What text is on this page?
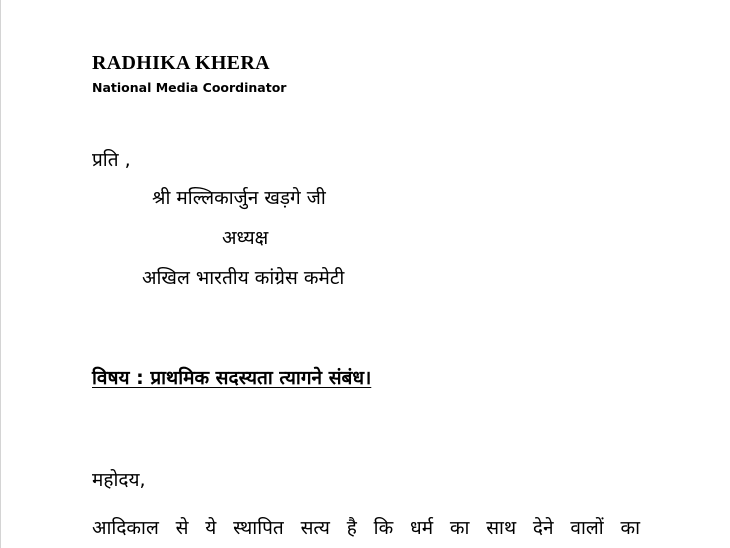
RADHIKA KHERA
National Media Coordinator
प्रति ,
श्री मल्लिकार्जुन खड़गे जी
अध्यक्ष
अखिल भारतीय कांग्रेस कमेटी
विषय : प्राथमिक सदस्यता त्यागने संबंध।
महोदय,
आदिकाल से ये स्थापित सत्य है कि धर्म का साथ देने वालों का
